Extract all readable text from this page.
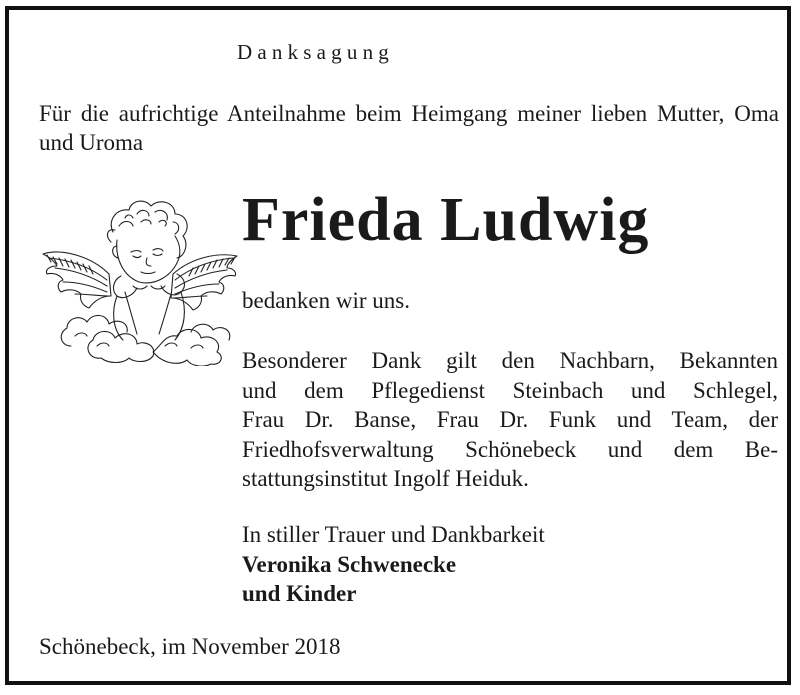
Danksagung
Für die aufrichtige Anteilnahme beim Heimgang meiner lieben Mutter, Oma und Uroma
Frieda Ludwig
bedanken wir uns.
Besonderer Dank gilt den Nachbarn, Bekannten
und dem Pflegedienst Steinbach und Schlegel,
Frau Dr. Banse, Frau Dr. Funk und Team, der
Friedhofsverwaltung Schönebeck und dem Be-
stattungsinstitut Ingolf Heiduk.
In stiller Trauer und Dankbarkeit
Veronika Schwenecke
und Kinder
Schönebeck, im November 2018
